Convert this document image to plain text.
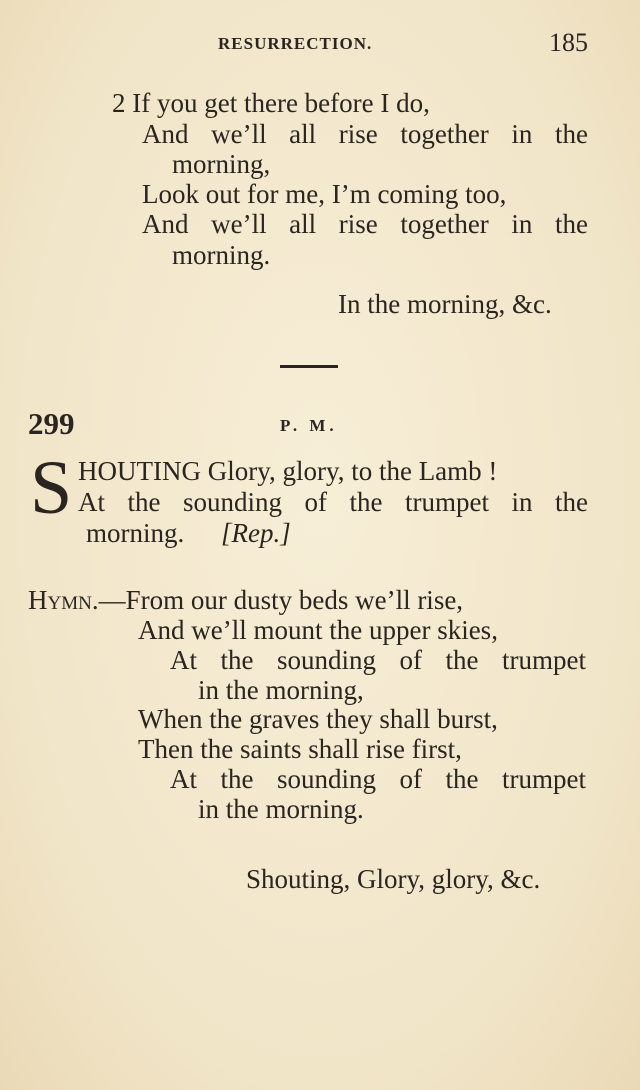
RESURRECTION.	185
2 If you get there before I do,
And we’ll all rise together in the
morning,
Look out for me, I’m coming too,
And we’ll all rise together in the
morning.
In the morning, &c.
299	P. M.
S HOUTING Glory, glory, to the Lamb !
At the sounding of the trumpet in the
morning. [Rep.]
Hymn.—From our dusty beds we’ll rise,
And we’ll mount the upper skies,
At the sounding of the trumpet
in the morning,
When the graves they shall burst,
Then the saints shall rise first,
At the sounding of the trumpet
in the morning.
Shouting, Glory, glory, &c.
